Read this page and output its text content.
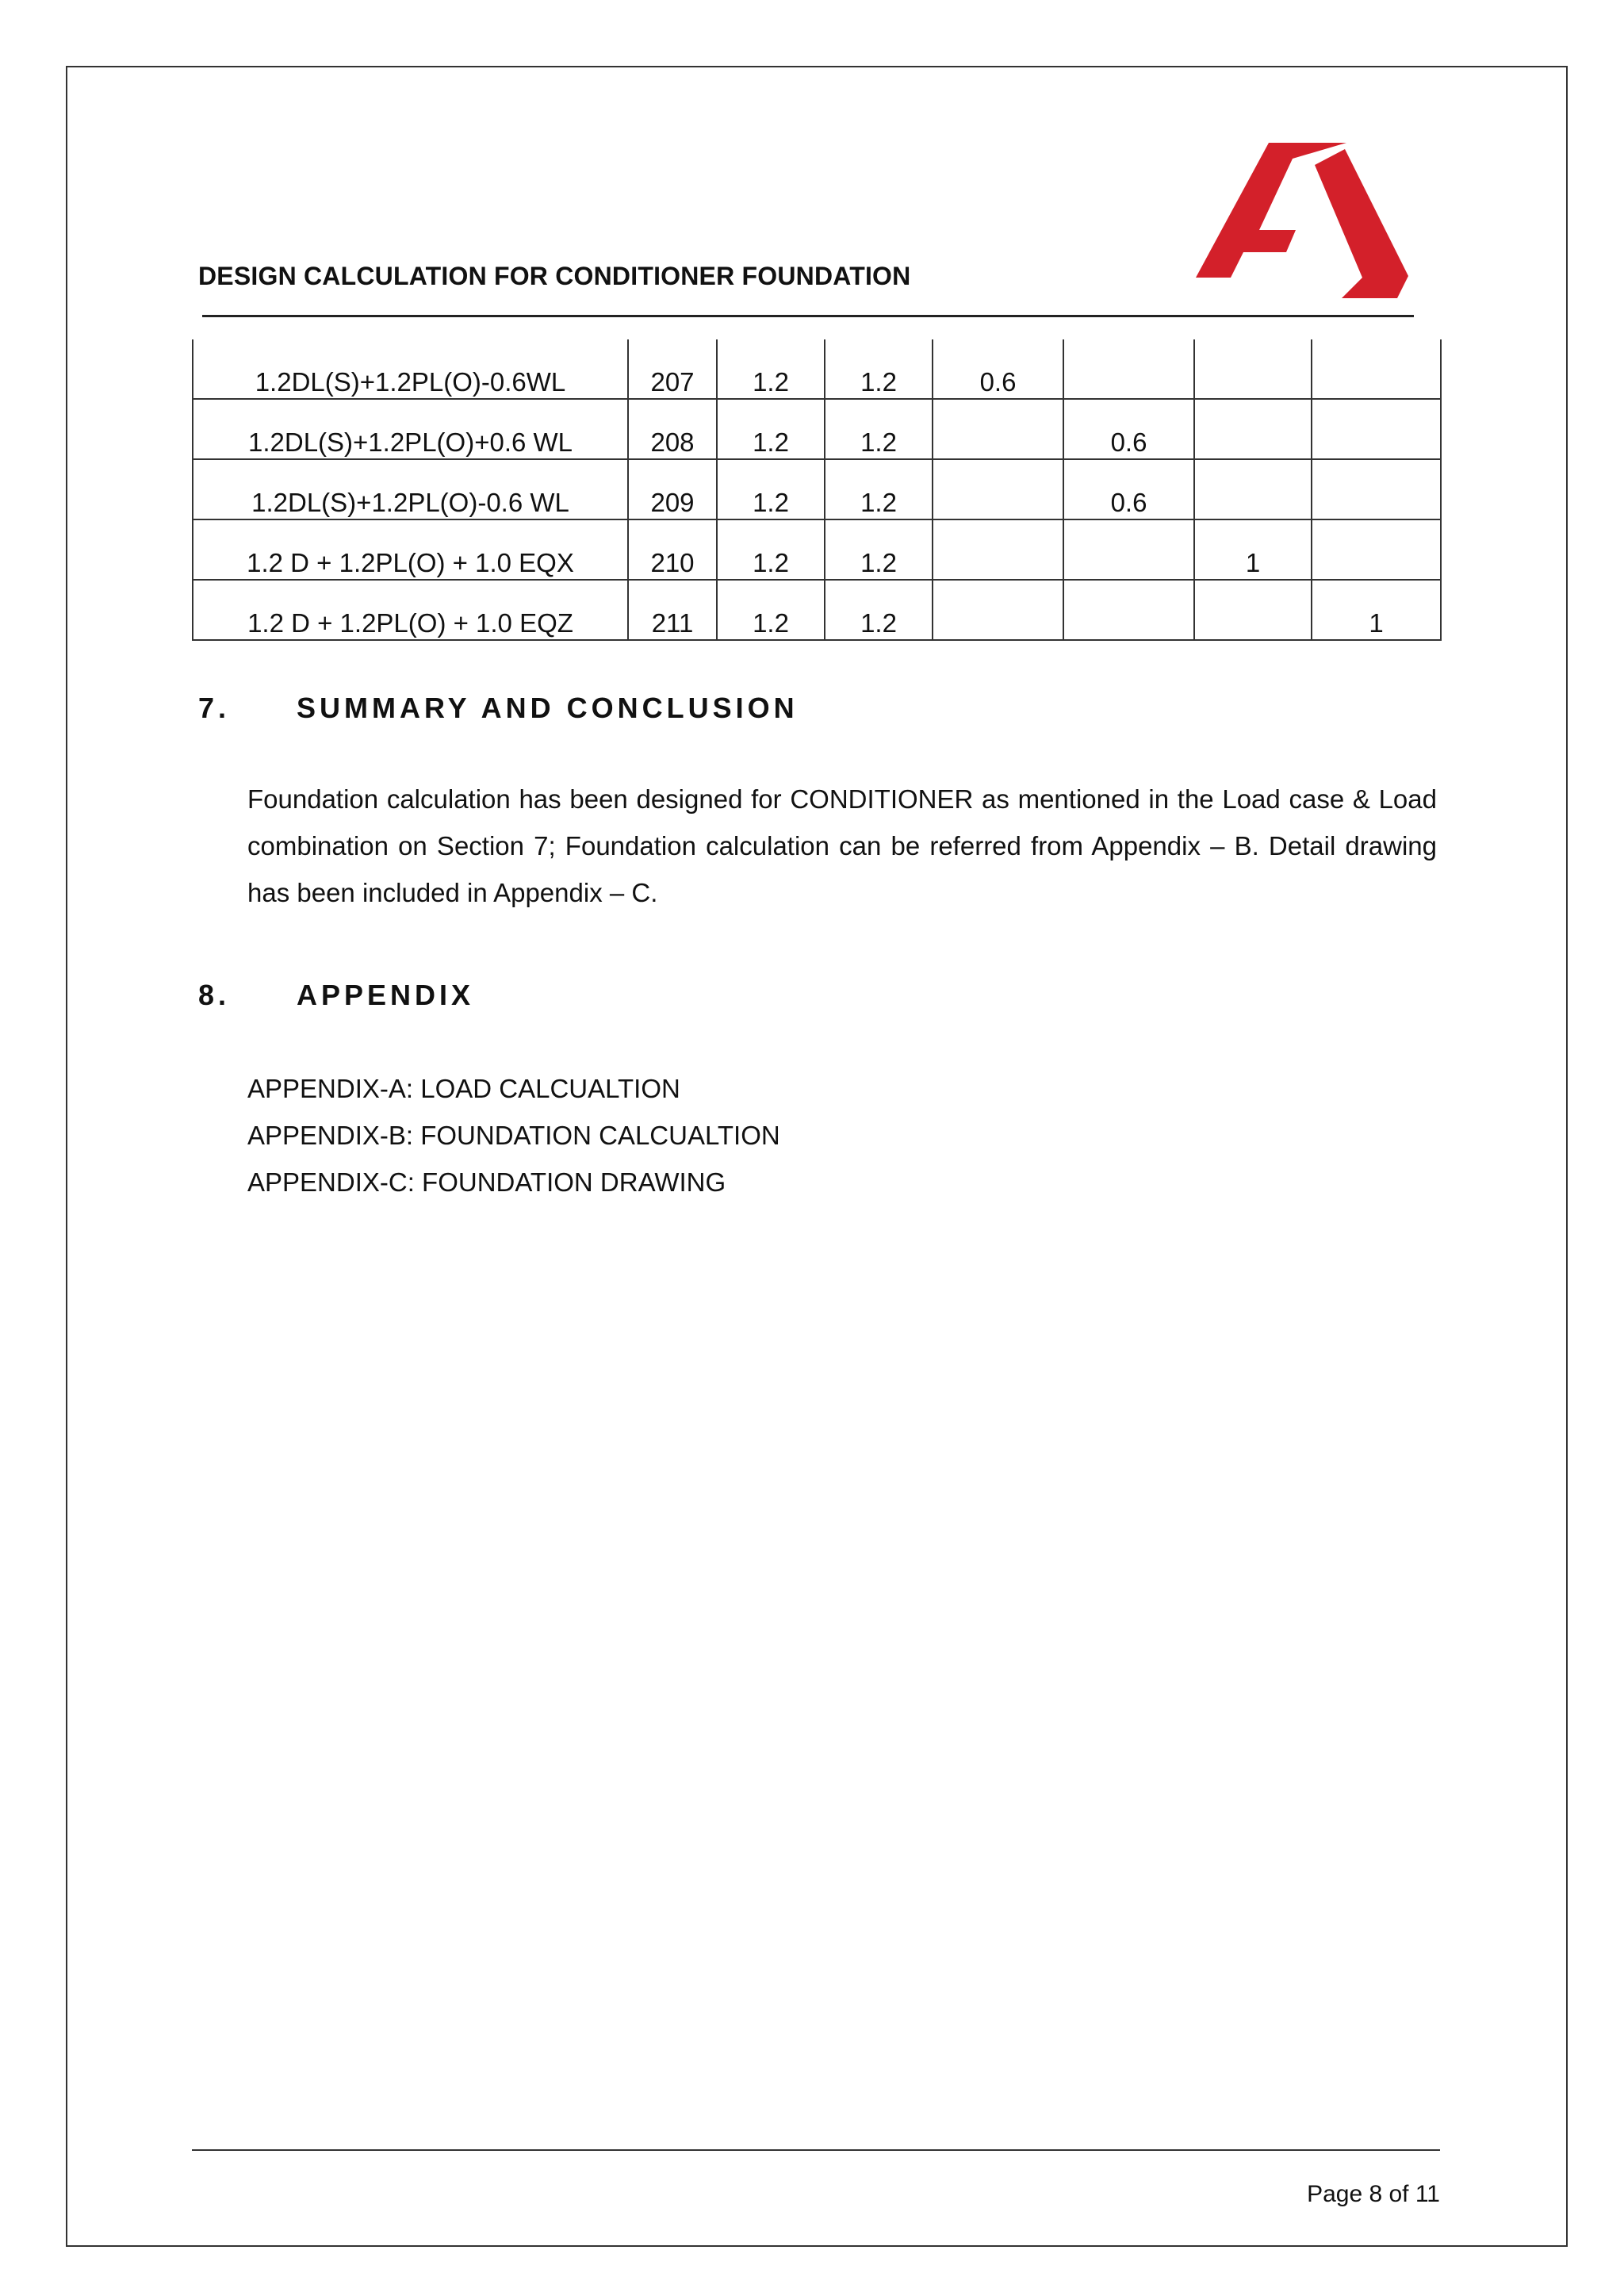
DESIGN CALCULATION FOR CONDITIONER FOUNDATION
1.2DL(S)+1.2PL(O)-0.6WL	207	1.2	1.2	0.6			
1.2DL(S)+1.2PL(O)+0.6 WL	208	1.2	1.2		0.6		
1.2DL(S)+1.2PL(O)-0.6 WL	209	1.2	1.2		0.6		
1.2 D + 1.2PL(O) + 1.0 EQX	210	1.2	1.2			1	
1.2 D + 1.2PL(O) + 1.0 EQZ	211	1.2	1.2				1
7. SUMMARY AND CONCLUSION

Foundation calculation has been designed for CONDITIONER as mentioned in the Load case & Load combination on Section 7; Foundation calculation can be referred from Appendix – B. Detail drawing has been included in Appendix – C.

8. APPENDIX
APPENDIX-A: LOAD CALCUALTION
APPENDIX-B: FOUNDATION CALCUALTION
APPENDIX-C: FOUNDATION DRAWING
Page 8 of 11
